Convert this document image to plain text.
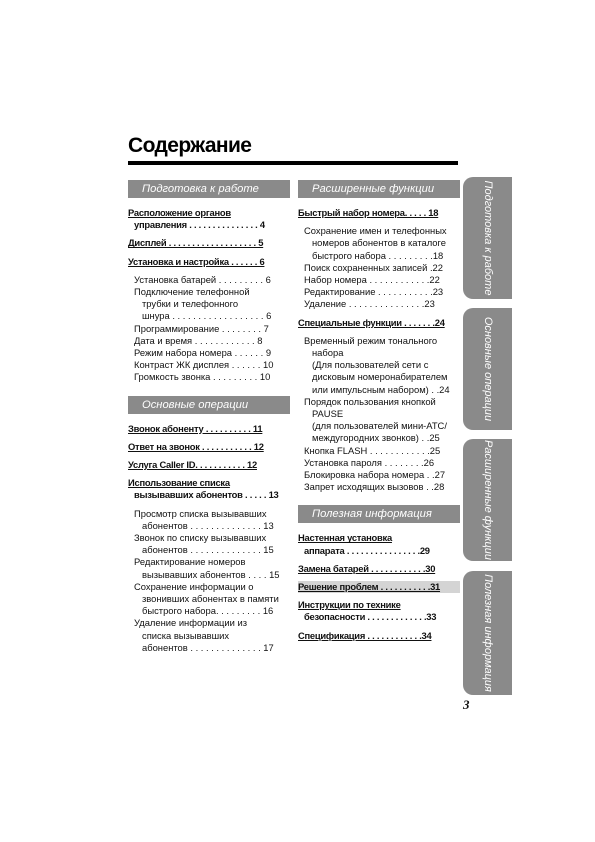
Содержание
Подготовка к работе
Расположение органов
управления . . . . . . . . . . . . . . . 4
Дисплей . . . . . . . . . . . . . . . . . . . 5
Установка и настройка . . . . . . 6
Установка батарей . . . . . . . . . 6
Подключение телефонной
трубки и телефонного
шнура . . . . . . . . . . . . . . . . . . 6
Программирование . . . . . . . . 7
Дата и время . . . . . . . . . . . . 8
Режим набора номера . . . . . . 9
Контраст ЖК дисплея . . . . . . 10
Громкость звонка . . . . . . . . . 10
Основные операции
Звонок абоненту . . . . . . . . . . 11
Ответ на звонок . . . . . . . . . . . 12
Услуга Caller ID. . . . . . . . . . . 12
Использование списка
вызывавших абонентов . . . . . 13
Просмотр списка вызывавших
абонентов . . . . . . . . . . . . . . 13
Звонок по списку вызывавших
абонентов . . . . . . . . . . . . . . 15
Редактирование номеров
вызывавших абонентов . . . . 15
Сохранение информации о
звонивших абонентах в памяти
быстрого набора. . . . . . . . . 16
Удаление информации из
списка вызывавших
абонентов . . . . . . . . . . . . . . 17
Расширенные функции
Быстрый набор номера. . . . . 18
Сохранение имен и телефонных
номеров абонентов в каталоге
быстрого набора . . . . . . . . .18
Поиск сохраненных записей .22
Набор номера . . . . . . . . . . . .22
Редактирование . . . . . . . . . . .23
Удаление . . . . . . . . . . . . . . .23
Специальные функции . . . . . . .24
Временный режим тонального
набора
(Для пользователей сети с
дисковым номеронабирателем
или импульсным набором) . .24
Порядок пользования кнопкой
PAUSE
(для пользователей мини-АТС/
междугородних звонков) . .25
Кнопка FLASH . . . . . . . . . . . .25
Установка пароля . . . . . . . .26
Блокировка набора номера . .27
Запрет исходящих вызовов . .28
Полезная информация
Настенная установка
аппарата . . . . . . . . . . . . . . . .29
Замена батарей . . . . . . . . . . . .30
Решение проблем . . . . . . . . . . .31
Инструкции по технике
безопасности . . . . . . . . . . . . .33
Спецификация . . . . . . . . . . . .34
Подготовка к работе
Основные операции
Расширенные функции
Полезная информация
3
